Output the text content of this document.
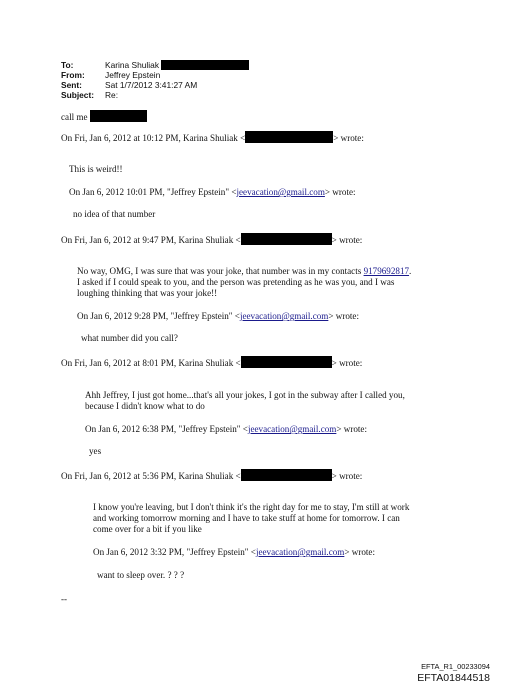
To:	Karina Shuliak
From: Jeffrey Epstein
Sent:	Sat 1/7/2012 3:41:27 AM
Subject: Re:
call me
On Fri, Jan 6, 2012 at 10:12 PM, Karina Shuliak <	> wrote:
This is weird!!
On Jan 6, 2012 10:01 PM, "Jeffrey Epstein" <jeevacation@gmail.com> wrote:
no idea of that number
On Fri, Jan 6, 2012 at 9:47 PM, Karina Shuliak <	> wrote:
No way, OMG, I was sure that was your joke, that number was in my contacts 9179692817.
I asked if I could speak to you, and the person was pretending as he was you, and I was
loughing thinking that was your joke!!
On Jan 6, 2012 9:28 PM, "Jeffrey Epstein" <jeevacation@gmail.com> wrote:
what number did you call?
On Fri, Jan 6, 2012 at 8:01 PM, Karina Shuliak <	> wrote:
Ahh Jeffrey, I just got home...that's all your jokes, I got in the subway after I called you,
because I didn't know what to do
On Jan 6, 2012 6:38 PM, "Jeffrey Epstein" <jeevacation@gmail.com> wrote:
yes
On Fri, Jan 6, 2012 at 5:36 PM, Karina Shuliak <	> wrote:
I know you're leaving, but I don't think it's the right day for me to stay, I'm still at work
and working tomorrow morning and I have to take stuff at home for tomorrow. I can
come over for a bit if you like
On Jan 6, 2012 3:32 PM, "Jeffrey Epstein" <jeevacation@gmail.com> wrote:
want to sleep over. ? ? ?
--
EFTA_R1_00233094
EFTA01844518
